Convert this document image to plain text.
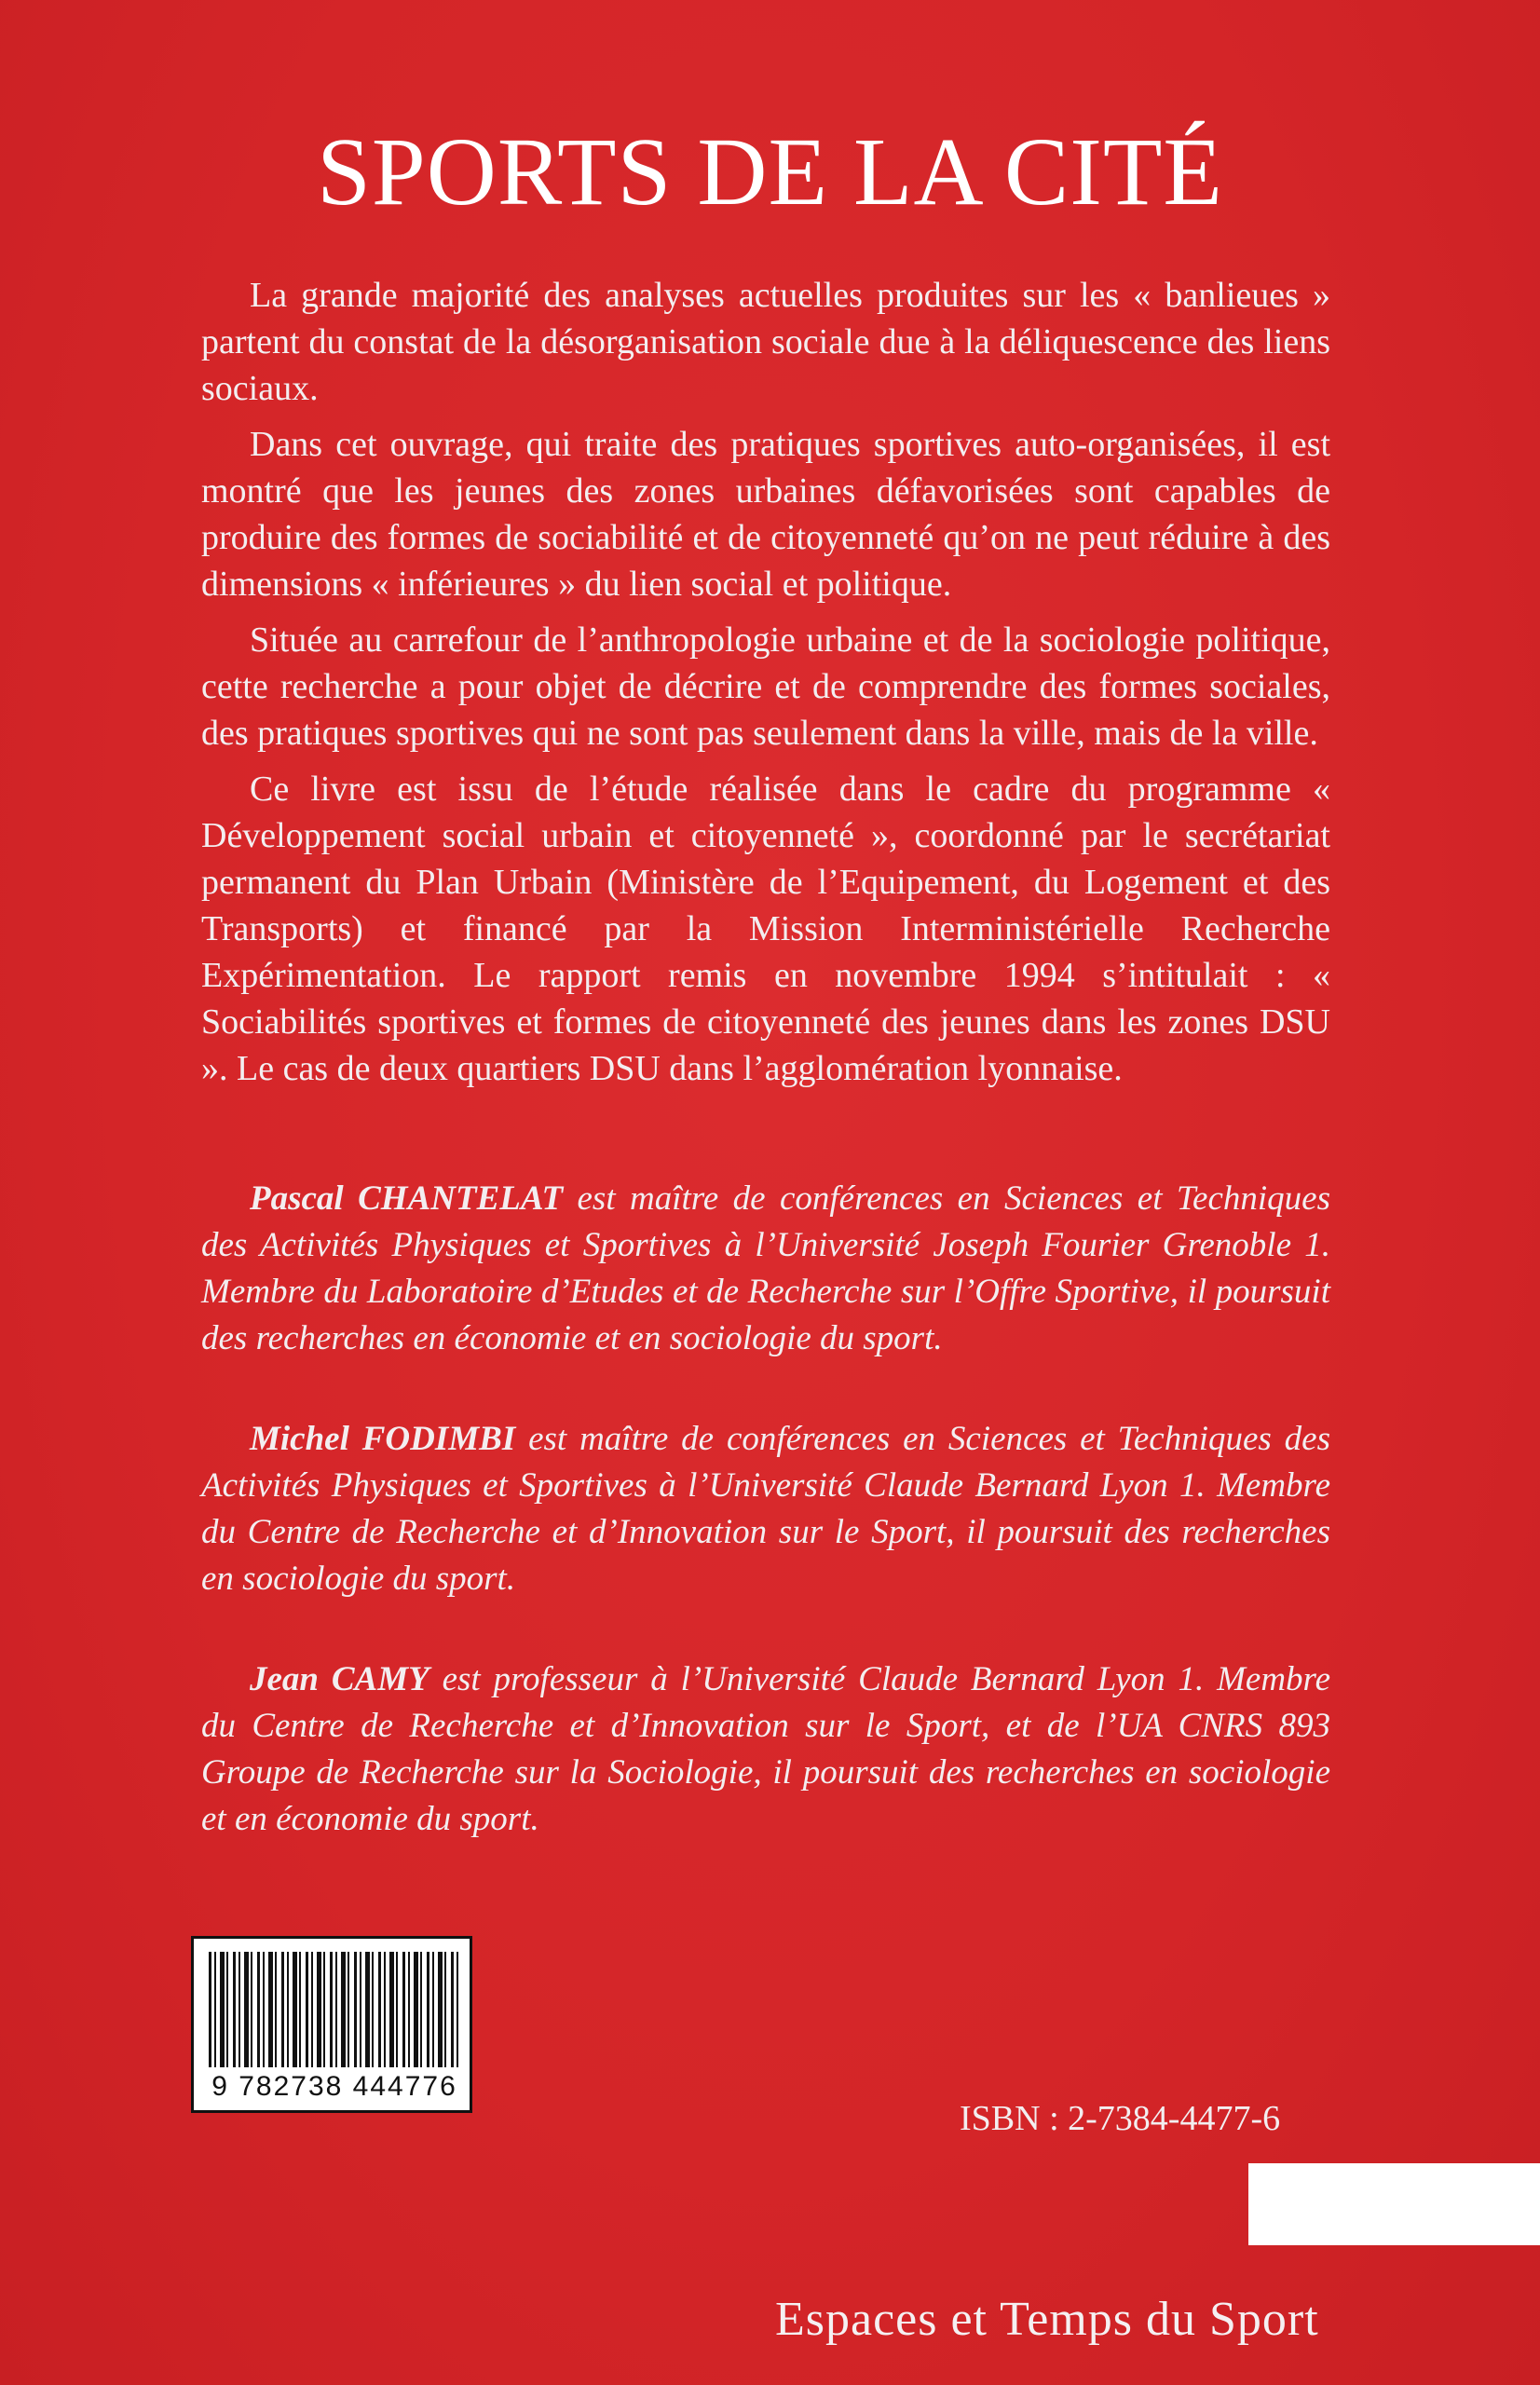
SPORTS DE LA CITÉ

La grande majorité des analyses actuelles produites sur les « banlieues » partent du constat de la désorganisation sociale due à la déliquescence des liens sociaux.

Dans cet ouvrage, qui traite des pratiques sportives auto-organisées, il est montré que les jeunes des zones urbaines défavorisées sont capables de produire des formes de sociabilité et de citoyenneté qu’on ne peut réduire à des dimensions « inférieures » du lien social et politique.

Située au carrefour de l’anthropologie urbaine et de la sociologie politique, cette recherche a pour objet de décrire et de comprendre des formes sociales, des pratiques sportives qui ne sont pas seulement dans la ville, mais de la ville.

Ce livre est issu de l’étude réalisée dans le cadre du programme « Développement social urbain et citoyenneté », coordonné par le secrétariat permanent du Plan Urbain (Ministère de l’Equipement, du Logement et des Transports) et financé par la Mission Interministérielle Recherche Expérimentation. Le rapport remis en novembre 1994 s’intitulait : « Sociabilités sportives et formes de citoyenneté des jeunes dans les zones DSU ». Le cas de deux quartiers DSU dans l’agglomération lyonnaise.

Pascal CHANTELAT est maître de conférences en Sciences et Techniques des Activités Physiques et Sportives à l’Université Joseph Fourier Grenoble 1. Membre du Laboratoire d’Etudes et de Recherche sur l’Offre Sportive, il poursuit des recherches en économie et en sociologie du sport.

Michel FODIMBI est maître de conférences en Sciences et Techniques des Activités Physiques et Sportives à l’Université Claude Bernard Lyon 1. Membre du Centre de Recherche et d’Innovation sur le Sport, il poursuit des recherches en sociologie du sport.

Jean CAMY est professeur à l’Université Claude Bernard Lyon 1. Membre du Centre de Recherche et d’Innovation sur le Sport, et de l’UA CNRS 893 Groupe de Recherche sur la Sociologie, il poursuit des recherches en sociologie et en économie du sport.

9 782738 444776
ISBN : 2-7384-4477-6
Espaces et Temps du Sport
